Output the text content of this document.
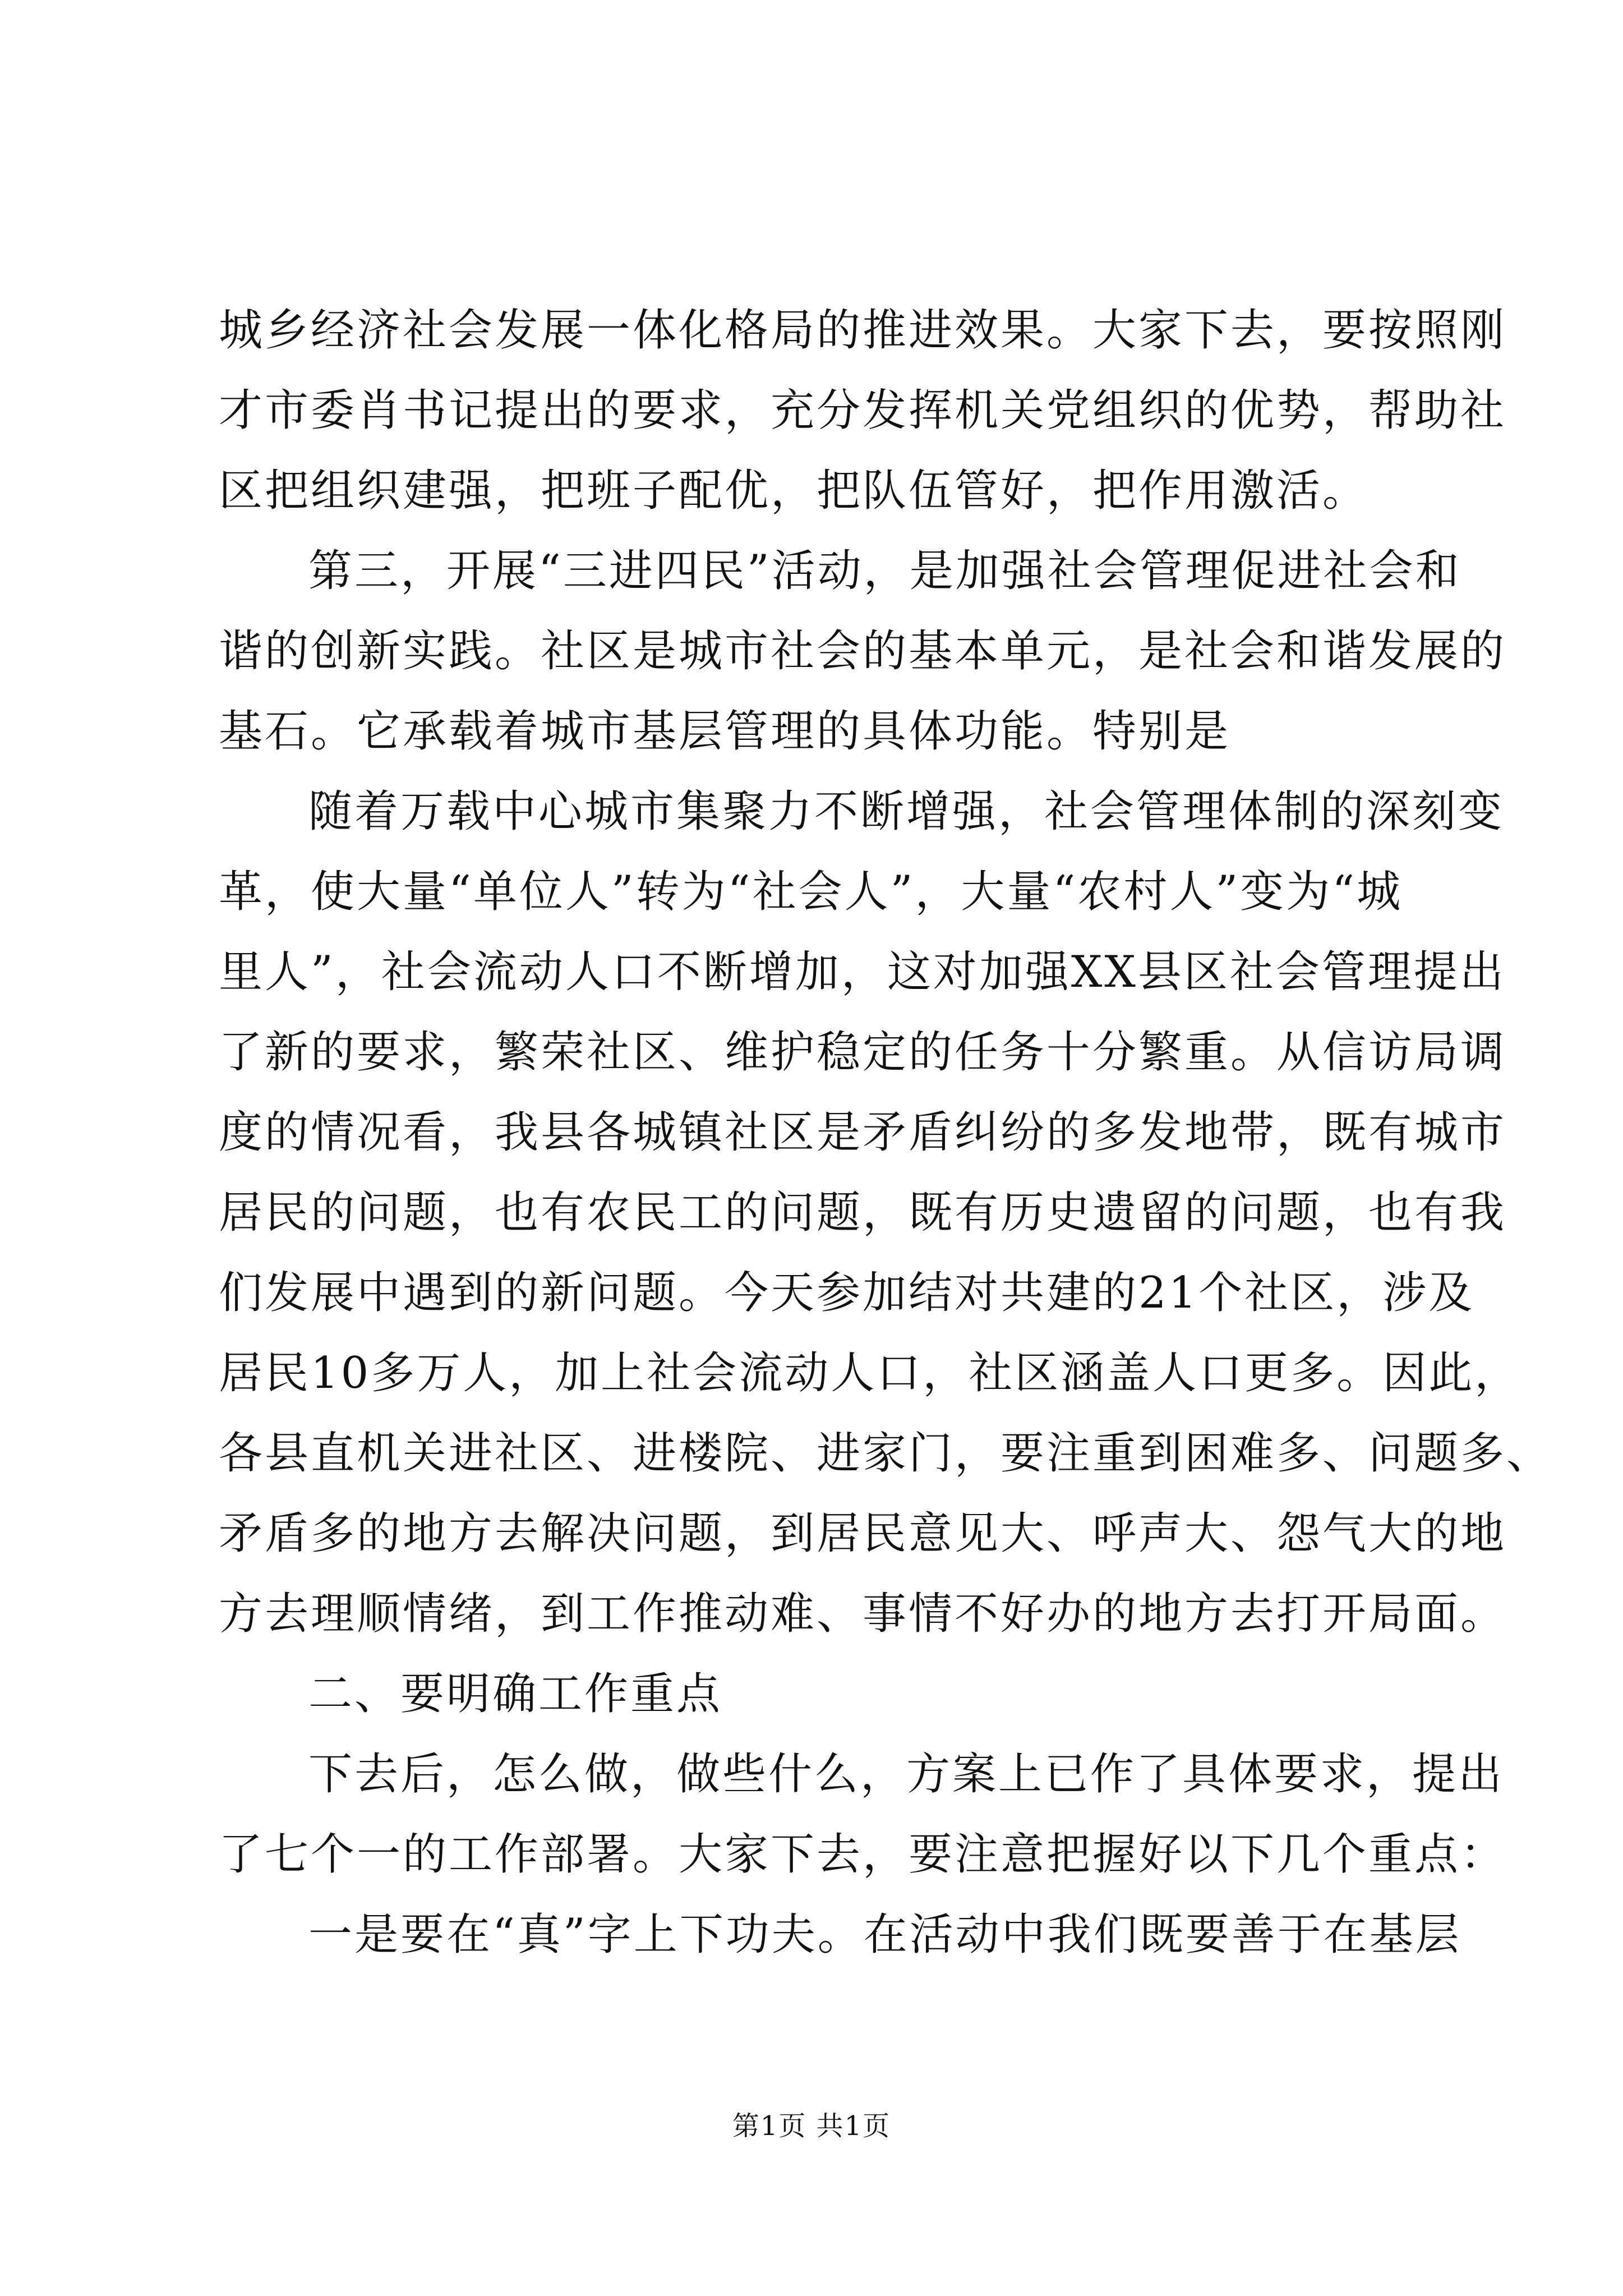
城乡经济社会发展一体化格局的推进效果。大家下去，要按照刚
才市委肖书记提出的要求，充分发挥机关党组织的优势，帮助社
区把组织建强，把班子配优，把队伍管好，把作用激活。
第三，开展“三进四民”活动，是加强社会管理促进社会和
谐的创新实践。社区是城市社会的基本单元，是社会和谐发展的
基石。它承载着城市基层管理的具体功能。特别是
随着万载中心城市集聚力不断增强，社会管理体制的深刻变
革，使大量“单位人”转为“社会人”，大量“农村人”变为“城
里人”，社会流动人口不断增加，这对加强XX县区社会管理提出
了新的要求，繁荣社区、维护稳定的任务十分繁重。从信访局调
度的情况看，我县各城镇社区是矛盾纠纷的多发地带，既有城市
居民的问题，也有农民工的问题，既有历史遗留的问题，也有我
们发展中遇到的新问题。今天参加结对共建的21个社区，涉及
居民10多万人，加上社会流动人口，社区涵盖人口更多。因此，
各县直机关进社区、进楼院、进家门，要注重到困难多、问题多、
矛盾多的地方去解决问题，到居民意见大、呼声大、怨气大的地
方去理顺情绪，到工作推动难、事情不好办的地方去打开局面。
二、要明确工作重点
下去后，怎么做，做些什么，方案上已作了具体要求，提出
了七个一的工作部署。大家下去，要注意把握好以下几个重点：
一是要在“真”字上下功夫。在活动中我们既要善于在基层
第1页 共1页
